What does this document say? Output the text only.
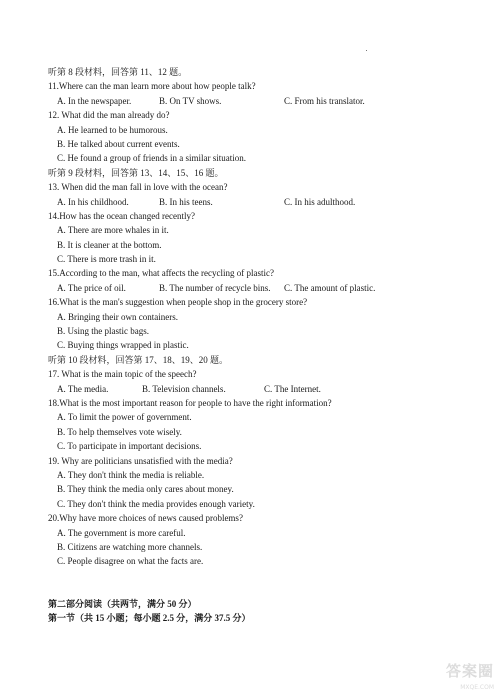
听第 8 段材料，回答第 11、12 题。
11.Where can the man learn more about how people talk?
A. In the newspaper.	B. On TV shows.	C. From his translator.
12. What did the man already do?
A. He learned to be humorous.
B. He talked about current events.
C. He found a group of friends in a similar situation.
听第 9 段材料，回答第 13、14、15、16 题。
13. When did the man fall in love with the ocean?
A. In his childhood.	B. In his teens.	C. In his adulthood.
14.How has the ocean changed recently?
A. There are more whales in it.
B. It is cleaner at the bottom.
C. There is more trash in it.
15.According to the man, what affects the recycling of plastic?
A. The price of oil.	B. The number of recycle bins. C. The amount of plastic.
16.What is the man's suggestion when people shop in the grocery store?
A. Bringing their own containers.
B. Using the plastic bags.
C. Buying things wrapped in plastic.
听第 10 段材料，回答第 17、18、19、20 题。
17. What is the main topic of the speech?
A. The media.	B. Television channels.	C. The Internet.
18.What is the most important reason for people to have the right information?
A. To limit the power of government.
B. To help themselves vote wisely.
C. To participate in important decisions.
19. Why are politicians unsatisfied with the media?
A. They don't think the media is reliable.
B. They think the media only cares about money.
C. They don't think the media provides enough variety.
20.Why have more choices of news caused problems?
A. The government is more careful.
B. Citizens are watching more channels.
C. People disagree on what the facts are.
第二部分阅读（共两节，满分 50 分）
第一节（共 15 小题；每小题 2.5 分，满分 37.5 分）
答案圈
MXQE.COM
